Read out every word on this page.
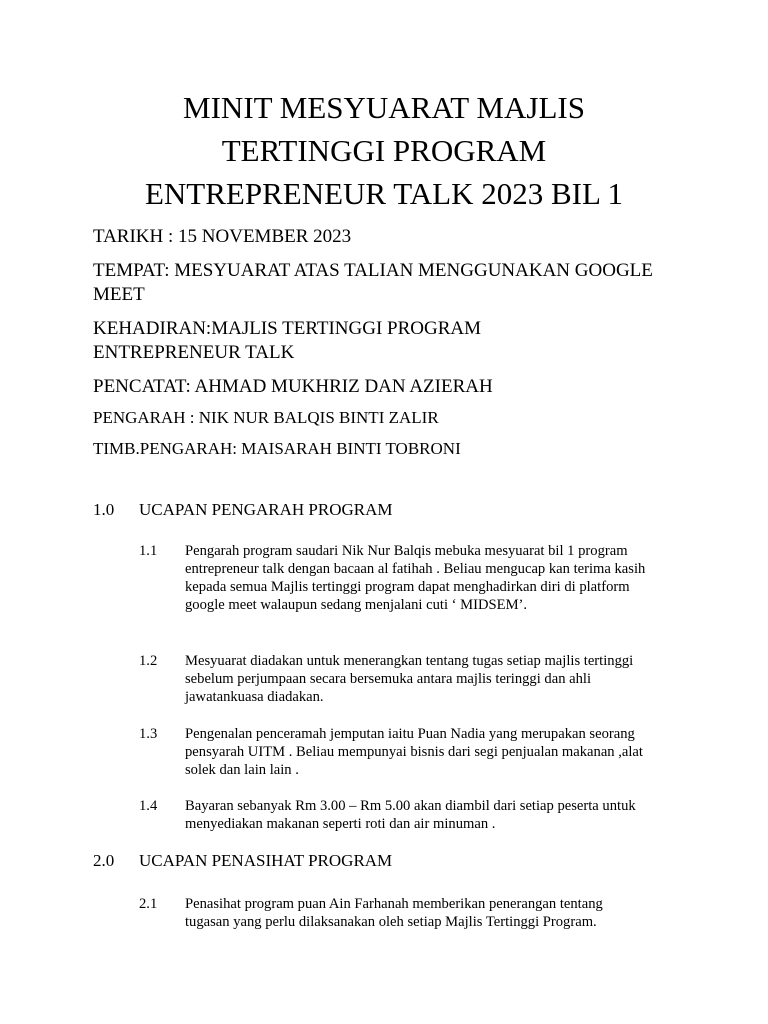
MINIT MESYUARAT MAJLIS
TERTINGGI PROGRAM
ENTREPRENEUR TALK 2023 BIL 1

TARIKH : 15 NOVEMBER 2023

TEMPAT: MESYUARAT ATAS TALIAN MENGGUNAKAN GOOGLE MEET

KEHADIRAN:MAJLIS TERTINGGI PROGRAM ENTREPRENEUR TALK

PENCATAT: AHMAD MUKHRIZ DAN AZIERAH

PENGARAH : NIK NUR BALQIS BINTI ZALIR

TIMB.PENGARAH: MAISARAH BINTI TOBRONI

1.0 UCAPAN PENGARAH PROGRAM
1.1 Pengarah program saudari Nik Nur Balqis mebuka mesyuarat bil 1 program
entrepreneur talk dengan bacaan al fatihah . Beliau mengucap kan terima kasih
kepada semua Majlis tertinggi program dapat menghadirkan diri di platform
google meet walaupun sedang menjalani cuti ‘ MIDSEM’.
1.2 Mesyuarat diadakan untuk menerangkan tentang tugas setiap majlis tertinggi
sebelum perjumpaan secara bersemuka antara majlis teringgi dan ahli
jawatankuasa diadakan.
1.3 Pengenalan penceramah jemputan iaitu Puan Nadia yang merupakan seorang
pensyarah UITM . Beliau mempunyai bisnis dari segi penjualan makanan ,alat
solek dan lain lain .
1.4 Bayaran sebanyak Rm 3.00 – Rm 5.00 akan diambil dari setiap peserta untuk
menyediakan makanan seperti roti dan air minuman .
2.0 UCAPAN PENASIHAT PROGRAM
2.1 Penasihat program puan Ain Farhanah memberikan penerangan tentang
tugasan yang perlu dilaksanakan oleh setiap Majlis Tertinggi Program.
